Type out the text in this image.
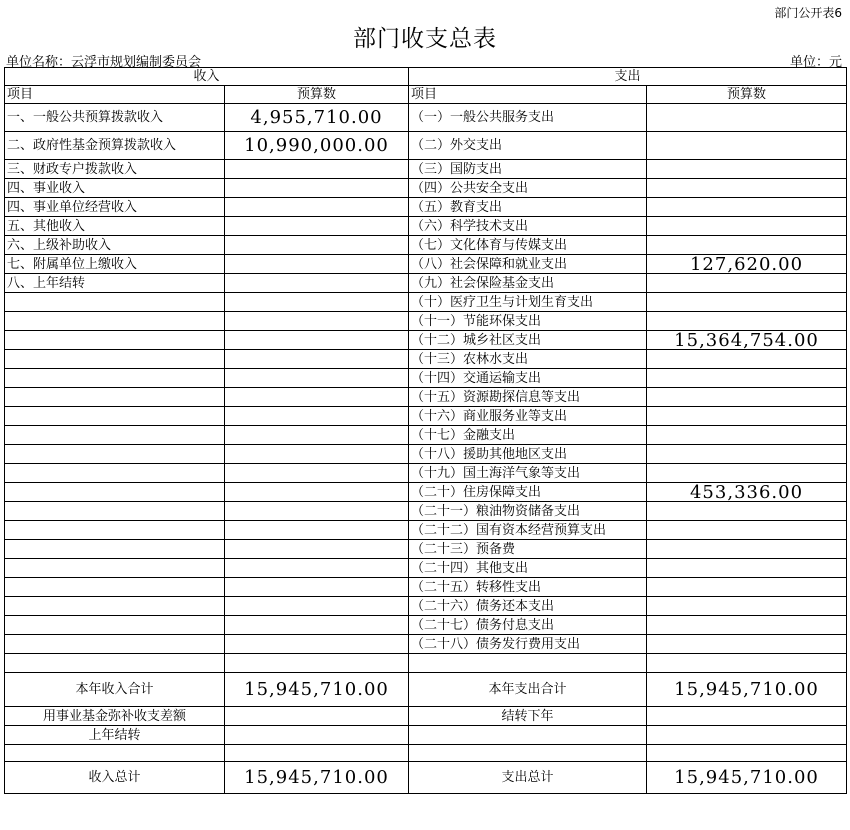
部门公开表6
部门收支总表
单位名称：云浮市规划编制委员会	单位：元
收入		支出	
项目	预算数	项目	预算数
一、一般公共预算拨款收入	4,955,710.00	（一）一般公共服务支出	
二、政府性基金预算拨款收入	10,990,000.00	（二）外交支出	
三、财政专户拨款收入		（三）国防支出	
四、事业收入		（四）公共安全支出	
四、事业单位经营收入		（五）教育支出	
五、其他收入		（六）科学技术支出	
六、上级补助收入		（七）文化体育与传媒支出	
七、附属单位上缴收入		（八）社会保障和就业支出	127,620.00
八、上年结转		（九）社会保险基金支出	
		（十）医疗卫生与计划生育支出	
		（十一）节能环保支出	
		（十二）城乡社区支出	15,364,754.00
		（十三）农林水支出	
		（十四）交通运输支出	
		（十五）资源勘探信息等支出	
		（十六）商业服务业等支出	
		（十七）金融支出	
		（十八）援助其他地区支出	
		（十九）国土海洋气象等支出	
		（二十）住房保障支出	453,336.00
		（二十一）粮油物资储备支出	
		（二十二）国有资本经营预算支出	
		（二十三）预备费	
		（二十四）其他支出	
		（二十五）转移性支出	
		（二十六）债务还本支出	
		（二十七）债务付息支出	
		（二十八）债务发行费用支出	

本年收入合计	15,945,710.00	本年支出合计	15,945,710.00
用事业基金弥补收支差额		结转下年	
上年结转			

收入总计	15,945,710.00	支出总计	15,945,710.00
